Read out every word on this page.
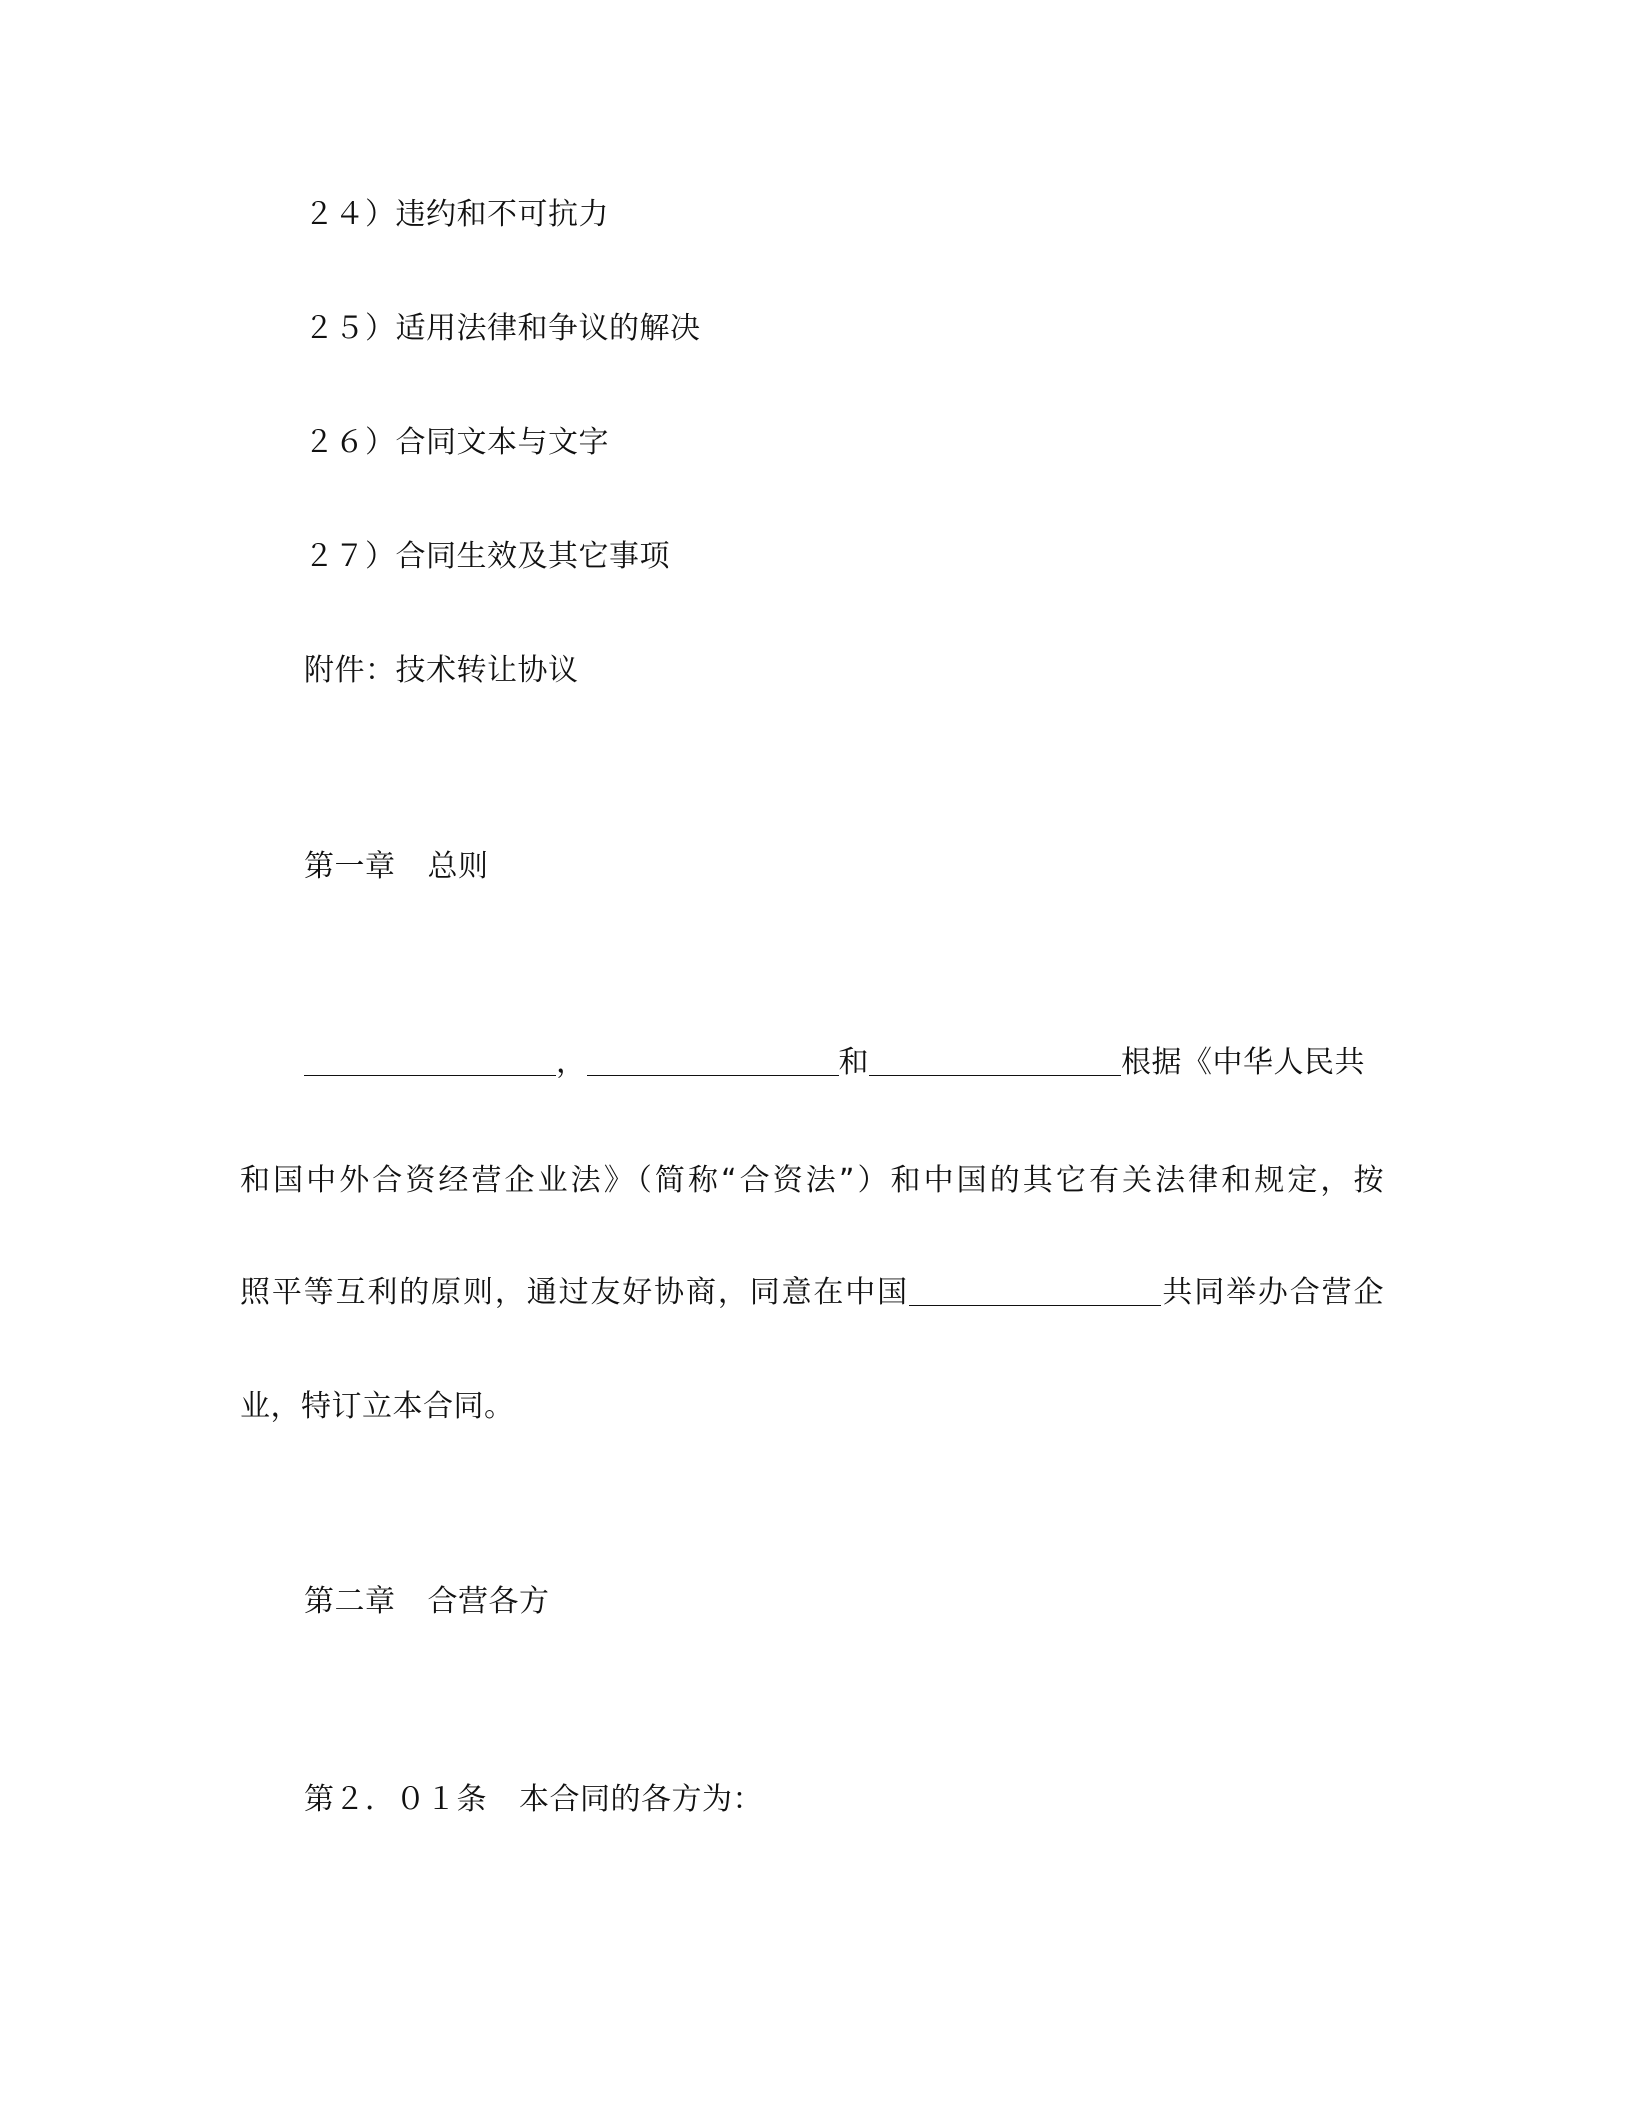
２４）违约和不可抗力
２５）适用法律和争议的解决
２６）合同文本与文字
２７）合同生效及其它事项
附件：技术转让协议
第一章 总则
，	和	根据《中华人民共
和国中外合资经营企业法》（简称“合资法”）和中国的其它有关法律和规定，按
照平等互利的原则，通过友好协商，同意在中国	共同举办合营企
业，特订立本合同。
第二章 合营各方
第２．０１条 本合同的各方为：
